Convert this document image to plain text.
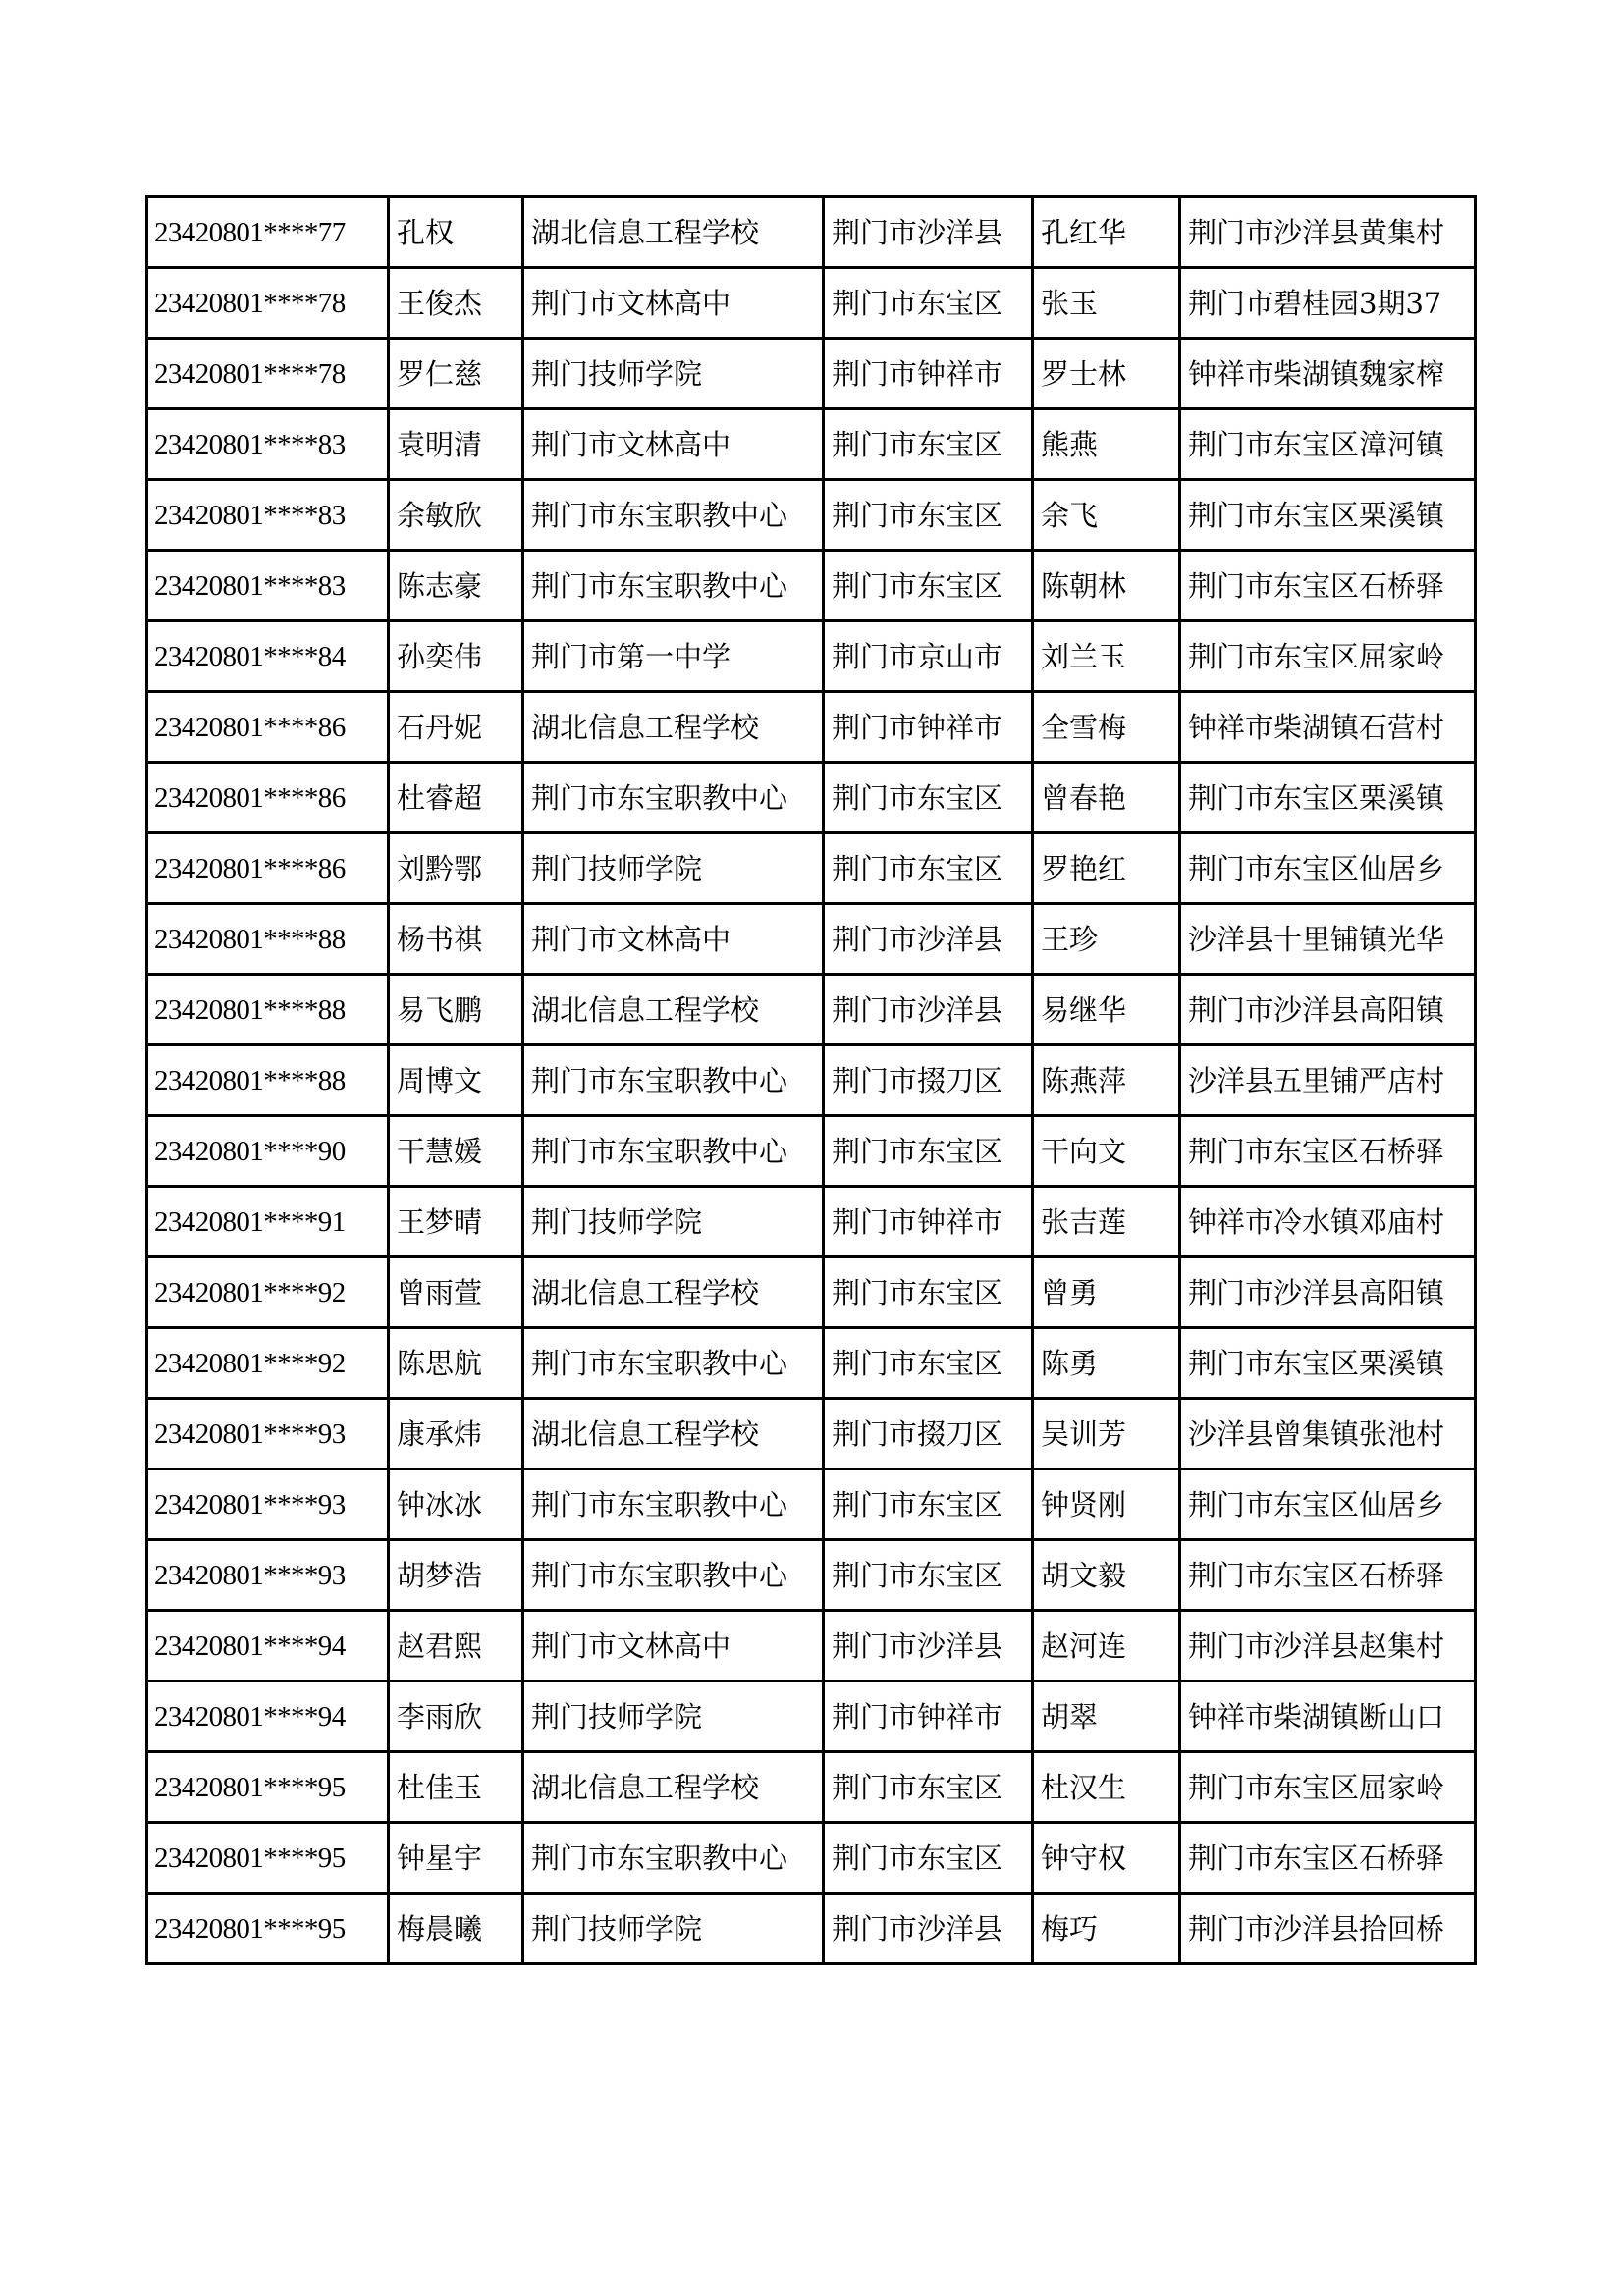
23420801****77	孔权	湖北信息工程学校	荆门市沙洋县	孔红华	荆门市沙洋县黄集村
23420801****78	王俊杰	荆门市文林高中	荆门市东宝区	张玉	荆门市碧桂园3期37
23420801****78	罗仁慈	荆门技师学院	荆门市钟祥市	罗士林	钟祥市柴湖镇魏家榨
23420801****83	袁明清	荆门市文林高中	荆门市东宝区	熊燕	荆门市东宝区漳河镇
23420801****83	余敏欣	荆门市东宝职教中心	荆门市东宝区	余飞	荆门市东宝区栗溪镇
23420801****83	陈志豪	荆门市东宝职教中心	荆门市东宝区	陈朝林	荆门市东宝区石桥驿
23420801****84	孙奕伟	荆门市第一中学	荆门市京山市	刘兰玉	荆门市东宝区屈家岭
23420801****86	石丹妮	湖北信息工程学校	荆门市钟祥市	全雪梅	钟祥市柴湖镇石营村
23420801****86	杜睿超	荆门市东宝职教中心	荆门市东宝区	曾春艳	荆门市东宝区栗溪镇
23420801****86	刘黔鄂	荆门技师学院	荆门市东宝区	罗艳红	荆门市东宝区仙居乡
23420801****88	杨书祺	荆门市文林高中	荆门市沙洋县	王珍	沙洋县十里铺镇光华
23420801****88	易飞鹏	湖北信息工程学校	荆门市沙洋县	易继华	荆门市沙洋县高阳镇
23420801****88	周博文	荆门市东宝职教中心	荆门市掇刀区	陈燕萍	沙洋县五里铺严店村
23420801****90	干慧媛	荆门市东宝职教中心	荆门市东宝区	干向文	荆门市东宝区石桥驿
23420801****91	王梦晴	荆门技师学院	荆门市钟祥市	张吉莲	钟祥市冷水镇邓庙村
23420801****92	曾雨萱	湖北信息工程学校	荆门市东宝区	曾勇	荆门市沙洋县高阳镇
23420801****92	陈思航	荆门市东宝职教中心	荆门市东宝区	陈勇	荆门市东宝区栗溪镇
23420801****93	康承炜	湖北信息工程学校	荆门市掇刀区	吴训芳	沙洋县曾集镇张池村
23420801****93	钟冰冰	荆门市东宝职教中心	荆门市东宝区	钟贤刚	荆门市东宝区仙居乡
23420801****93	胡梦浩	荆门市东宝职教中心	荆门市东宝区	胡文毅	荆门市东宝区石桥驿
23420801****94	赵君熙	荆门市文林高中	荆门市沙洋县	赵河连	荆门市沙洋县赵集村
23420801****94	李雨欣	荆门技师学院	荆门市钟祥市	胡翠	钟祥市柴湖镇断山口
23420801****95	杜佳玉	湖北信息工程学校	荆门市东宝区	杜汉生	荆门市东宝区屈家岭
23420801****95	钟星宇	荆门市东宝职教中心	荆门市东宝区	钟守权	荆门市东宝区石桥驿
23420801****95	梅晨曦	荆门技师学院	荆门市沙洋县	梅巧	荆门市沙洋县拾回桥
